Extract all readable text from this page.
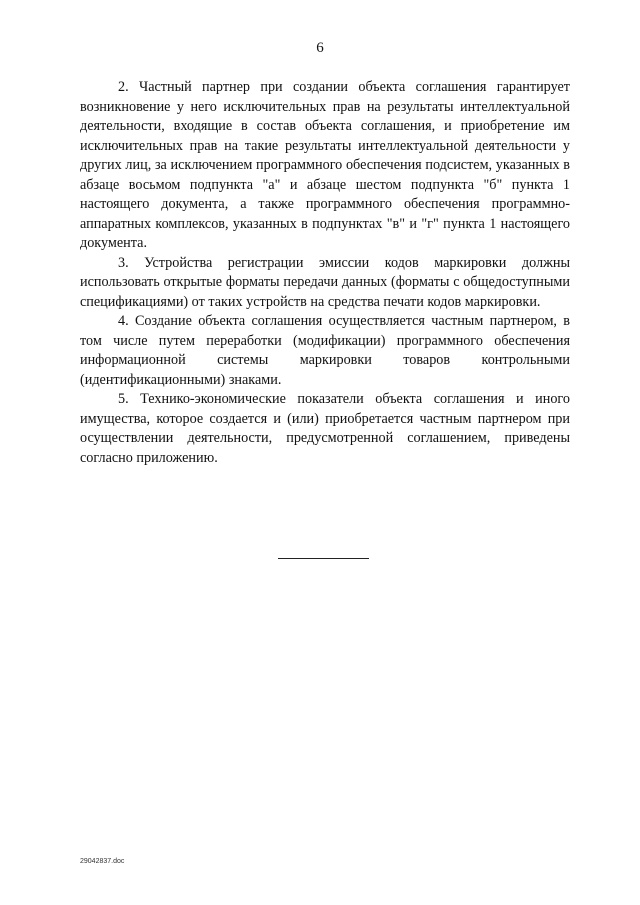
6

2. Частный партнер при создании объекта соглашения гарантирует возникновение у него исключительных прав на результаты интеллектуальной деятельности, входящие в состав объекта соглашения, и приобретение им исключительных прав на такие результаты интеллектуальной деятельности у других лиц, за исключением программного обеспечения подсистем, указанных в абзаце восьмом подпункта "а" и абзаце шестом подпункта "б" пункта 1 настоящего документа, а также программного обеспечения программно-аппаратных комплексов, указанных в подпунктах "в" и "г" пункта 1 настоящего документа.

3. Устройства регистрации эмиссии кодов маркировки должны использовать открытые форматы передачи данных (форматы с общедоступными спецификациями) от таких устройств на средства печати кодов маркировки.

4. Создание объекта соглашения осуществляется частным партнером, в том числе путем переработки (модификации) программного обеспечения информационной системы маркировки товаров контрольными (идентификационными) знаками.

5. Технико-экономические показатели объекта соглашения и иного имущества, которое создается и (или) приобретается частным партнером при осуществлении деятельности, предусмотренной соглашением, приведены согласно приложению.

29042837.doc
